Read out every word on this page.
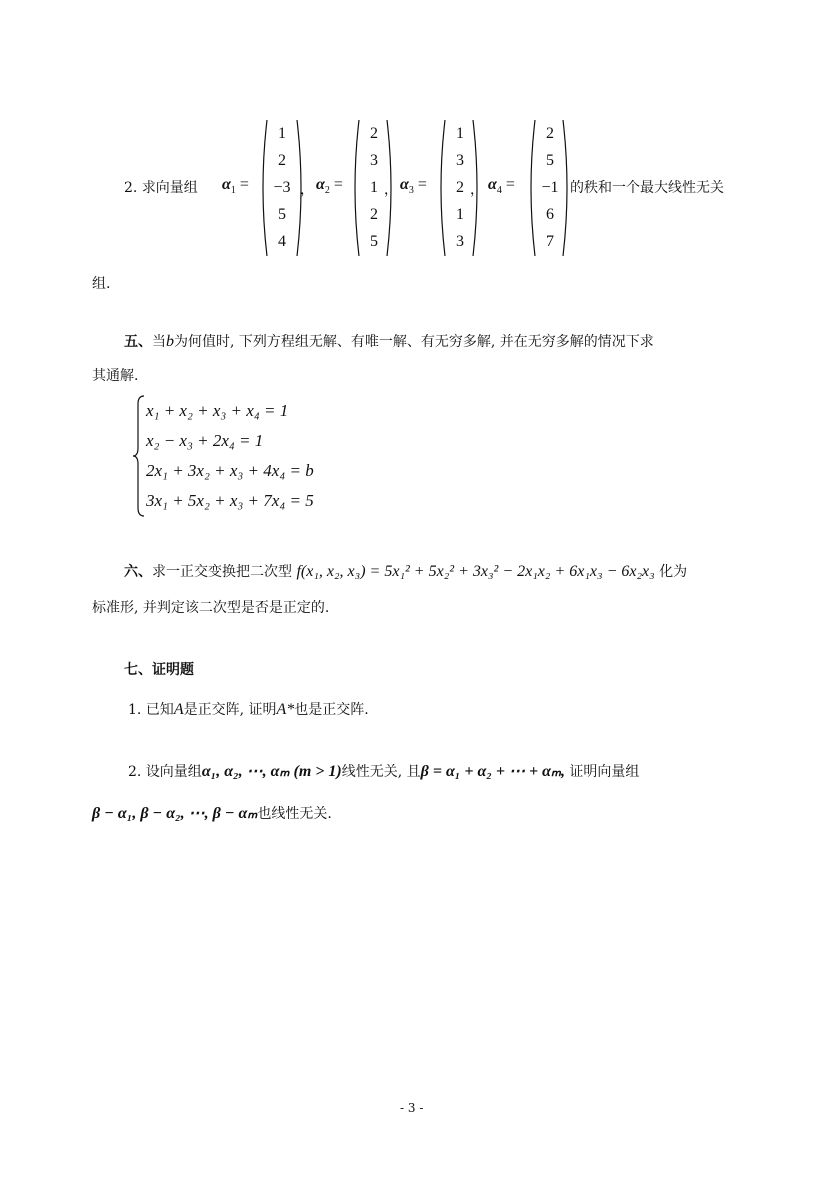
2. 求向量组 $\alpha_1$ =
1
2
−3
5
4
， $\alpha_2$ =
2
3
1
2
5
， $\alpha_3$ =
1
3
2
1
3
， $\alpha_4$ =
2
5
−1
6
7
的秩和一个最大线性无关
组.
五、当b为何值时, 下列方程组无解、有唯一解、有无穷多解, 并在无穷多解的情况下求
其通解.
x₁ + x₂ + x₃ + x₄ = 1
x₂ − x₃ + 2x₄ = 1
2x₁ + 3x₂ + x₃ + 4x₄ = b
3x₁ + 5x₂ + x₃ + 7x₄ = 5
六、求一正交变换把二次型 f(x₁, x₂, x₃) = 5x₁² + 5x₂² + 3x₃² − 2x₁x₂ + 6x₁x₃ − 6x₂x₃ 化为
标准形, 并判定该二次型是否是正定的.
七、证明题
1. 已知A是正交阵, 证明A*也是正交阵.
2. 设向量组α₁, α₂, ⋯, αₘ (m > 1)线性无关, 且β = α₁ + α₂ + ⋯ + αₘ, 证明向量组
β − α₁, β − α₂, ⋯, β − αₘ也线性无关.
- 3 -
